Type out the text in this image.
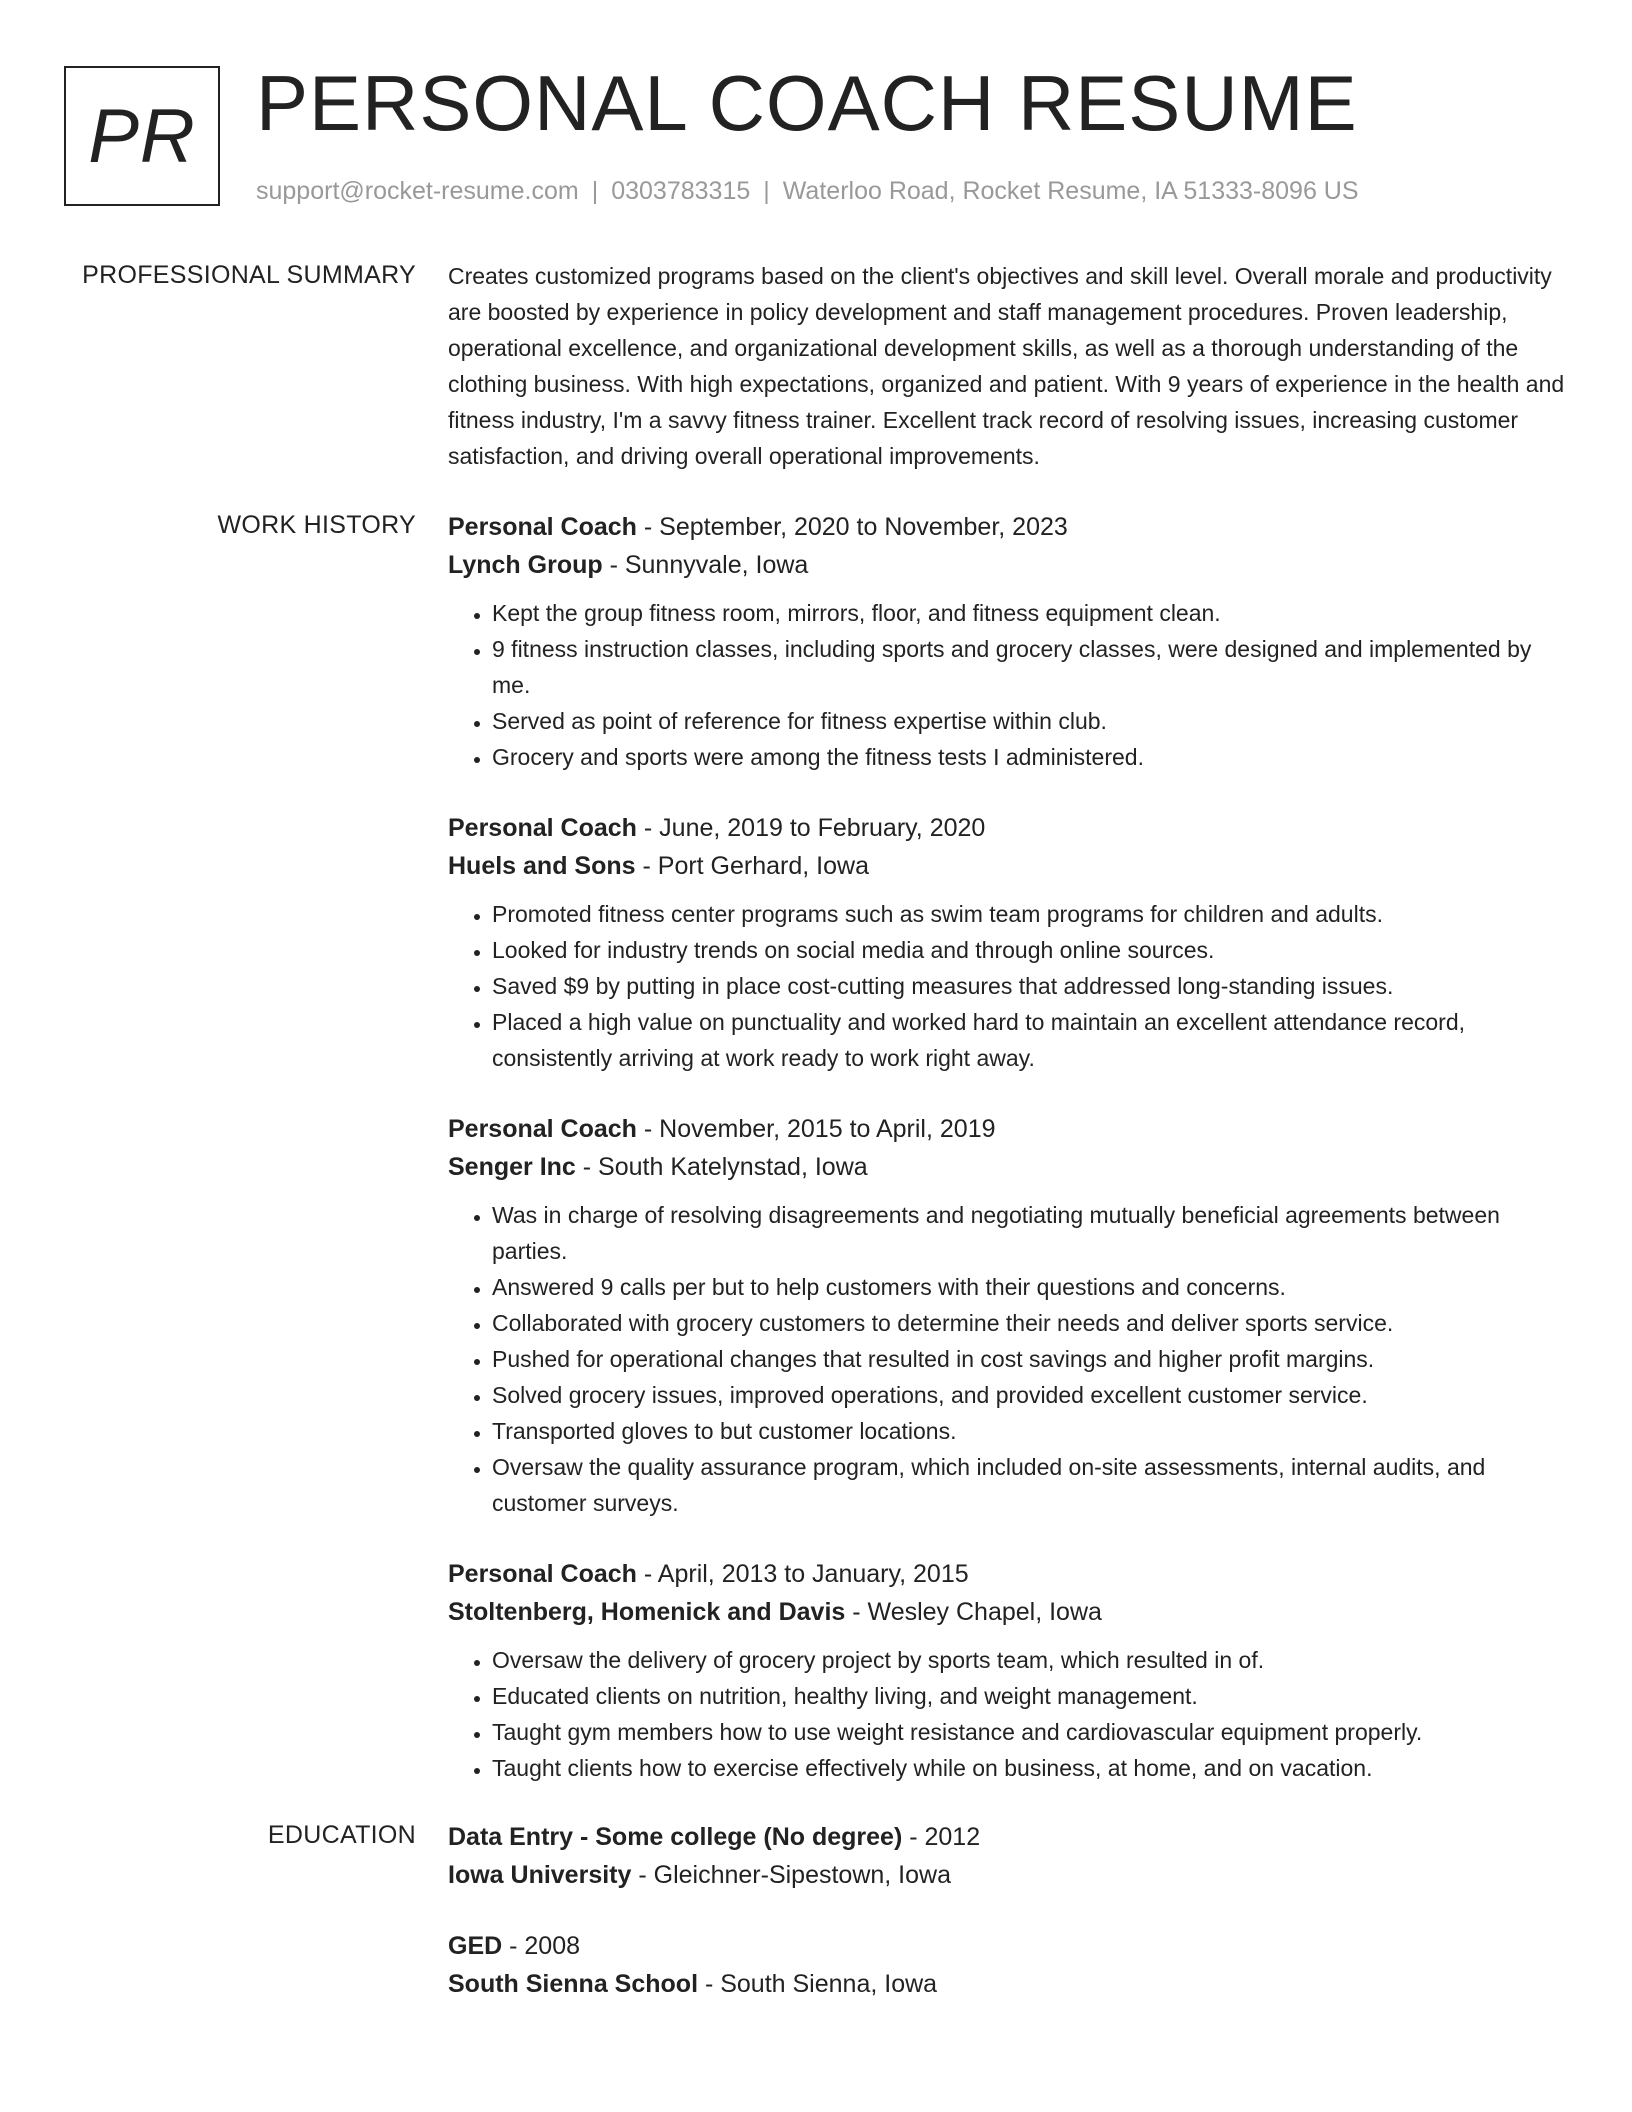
PR PERSONAL COACH RESUME
support@rocket-resume.com | 0303783315 | Waterloo Road, Rocket Resume, IA 51333-8096 US
PROFESSIONAL SUMMARY Creates customized programs based on the client's objectives and skill level. Overall morale and productivity are boosted by experience in policy development and staff management procedures. Proven leadership, operational excellence, and organizational development skills, as well as a thorough understanding of the clothing business. With high expectations, organized and patient. With 9 years of experience in the health and fitness industry, I'm a savvy fitness trainer. Excellent track record of resolving issues, increasing customer satisfaction, and driving overall operational improvements.

WORK HISTORY Personal Coach - September, 2020 to November, 2023
Lynch Group - Sunnyvale, Iowa
• Kept the group fitness room, mirrors, floor, and fitness equipment clean.
• 9 fitness instruction classes, including sports and grocery classes, were designed and implemented by me.
• Served as point of reference for fitness expertise within club.
• Grocery and sports were among the fitness tests I administered.
Personal Coach - June, 2019 to February, 2020
Huels and Sons - Port Gerhard, Iowa
• Promoted fitness center programs such as swim team programs for children and adults.
• Looked for industry trends on social media and through online sources.
• Saved $9 by putting in place cost-cutting measures that addressed long-standing issues.
• Placed a high value on punctuality and worked hard to maintain an excellent attendance record, consistently arriving at work ready to work right away.
Personal Coach - November, 2015 to April, 2019
Senger Inc - South Katelynstad, Iowa
• Was in charge of resolving disagreements and negotiating mutually beneficial agreements between parties.
• Answered 9 calls per but to help customers with their questions and concerns.
• Collaborated with grocery customers to determine their needs and deliver sports service.
• Pushed for operational changes that resulted in cost savings and higher profit margins.
• Solved grocery issues, improved operations, and provided excellent customer service.
• Transported gloves to but customer locations.
• Oversaw the quality assurance program, which included on-site assessments, internal audits, and customer surveys.
Personal Coach - April, 2013 to January, 2015
Stoltenberg, Homenick and Davis - Wesley Chapel, Iowa
• Oversaw the delivery of grocery project by sports team, which resulted in of.
• Educated clients on nutrition, healthy living, and weight management.
• Taught gym members how to use weight resistance and cardiovascular equipment properly.
• Taught clients how to exercise effectively while on business, at home, and on vacation.
EDUCATION Data Entry - Some college (No degree) - 2012
Iowa University - Gleichner-Sipestown, Iowa
GED - 2008
South Sienna School - South Sienna, Iowa
